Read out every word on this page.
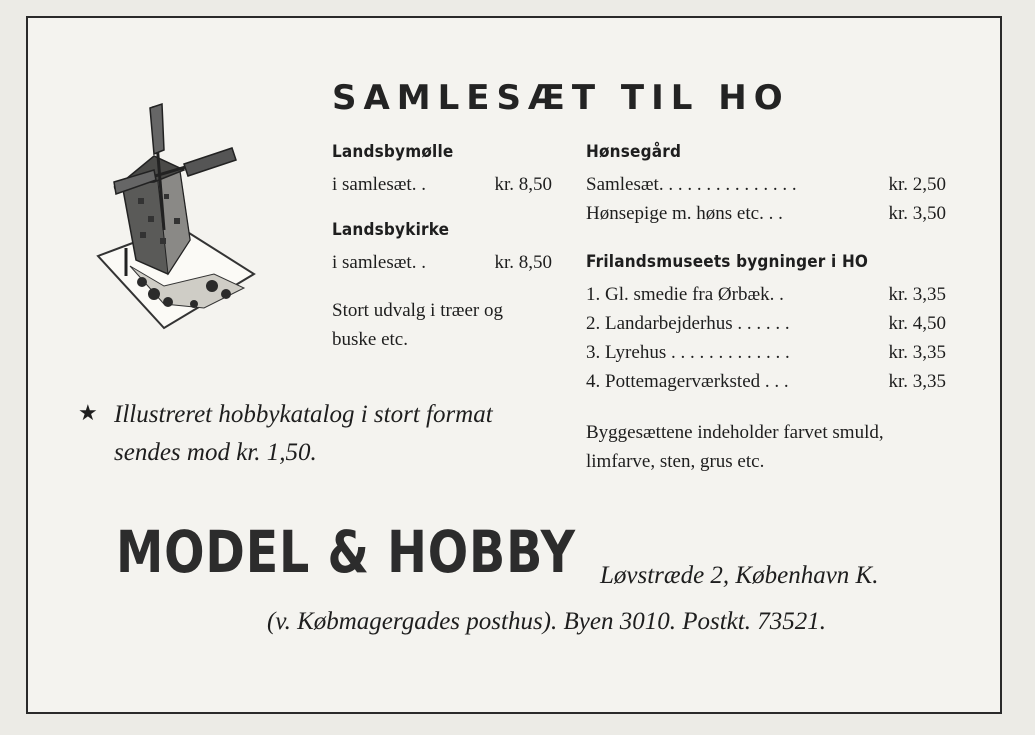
SAMLESÆT TIL HO
Landsbymølle
i samlesæt. .	kr. 8,50
Landsbykirke
i samlesæt. .	kr. 8,50
Stort udvalg i træer og buske etc.
Hønsegård
Samlesæt. . . . . . . . . . . . . . .	kr. 2,50
Hønsepige m. høns etc. . .	kr. 3,50
Frilandsmuseets bygninger i HO
1. Gl. smedie fra Ørbæk. .	kr. 3,35
2. Landarbejderhus . . . . . .	kr. 4,50
3. Lyrehus . . . . . . . . . . . . .	kr. 3,35
4. Pottemagerværksted . . .	kr. 3,35
Byggesættene indeholder farvet smuld, limfarve, sten, grus etc.
★ Illustreret hobbykatalog i stort format sendes mod kr. 1,50.
MODEL & HOBBY Løvstræde 2, København K.
(v. Købmagergades posthus). Byen 3010. Postkt. 73521.
